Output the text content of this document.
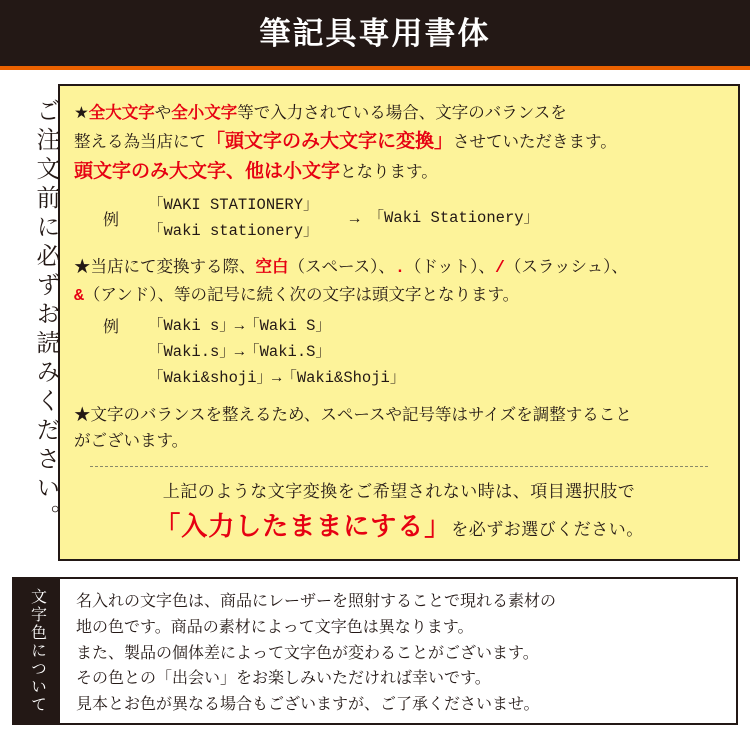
筆記具専用書体
ご注文前に必ずお読みください。 ★全大文字や全小文字等で入力されている場合、文字のバランスを

整える為当店にて「頭文字のみ大文字に変換」させていただきます。

頭文字のみ大文字、他は小文字となります。

例
「WAKI STATIONERY」
「waki stationery」
→ 「Waki Stationery」

★当店にて変換する際、空白（スペース）、.（ドット）、/（スラッシュ）、

&（アンド）、等の記号に続く次の文字は頭文字となります。

例	「Waki s」→「Waki S」
「Waki.s」→「Waki.S」
「Waki&shoji」→「Waki&Shoji」

★文字のバランスを整えるため、スペースや記号等はサイズを調整すること

がございます。

上記のような文字変換をご希望されない時は、項目選択肢で

「入力したままにする」を必ずお選びください。

文字色について	名入れの文字色は、商品にレーザーを照射することで現れる素材の

地の色です。商品の素材によって文字色は異なります。

また、製品の個体差によって文字色が変わることがございます。

その色との「出会い」をお楽しみいただければ幸いです。

見本とお色が異なる場合もございますが、ご了承くださいませ。
